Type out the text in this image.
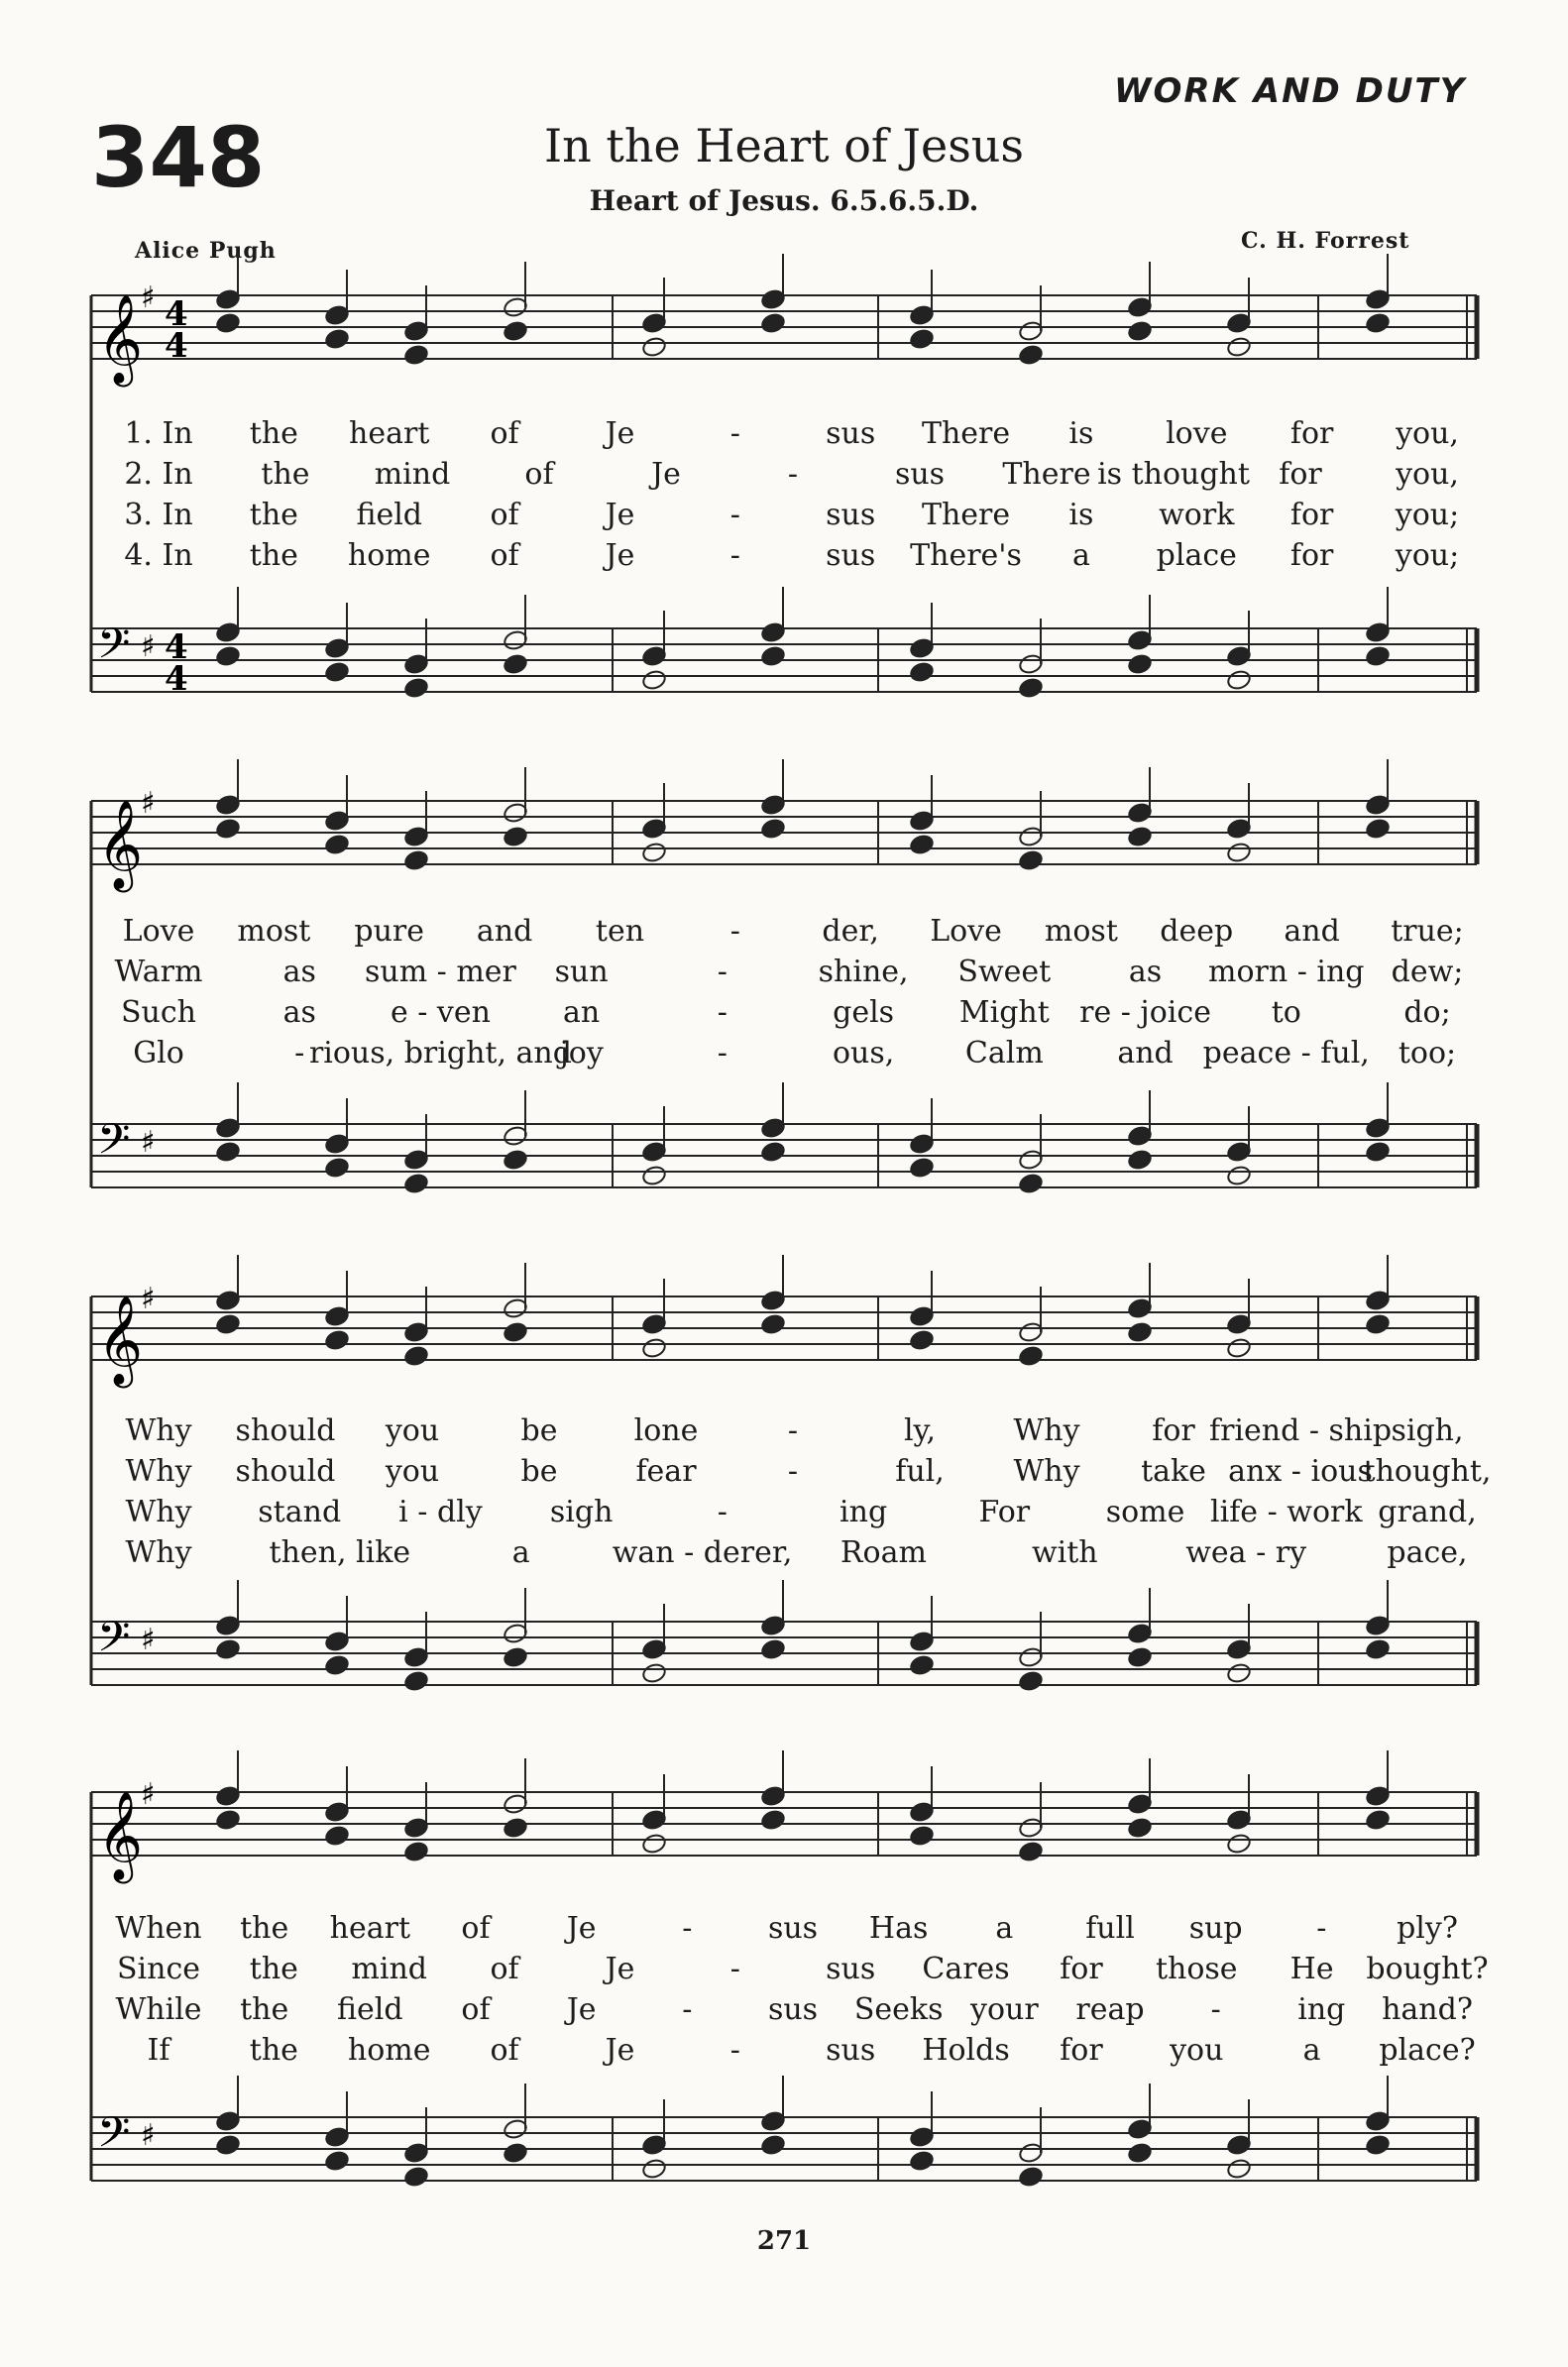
348
WORK AND DUTY
In the Heart of Jesus
Heart of Jesus. 6.5.6.5.D.
Alice Pugh	C. H. Forrest
𝄞
♯ 4
4
𝄢 ♯ 4
4
1. In the heart of	Je	-	sus There is love for you,
2. In the mind	of	Je	-	sus There is thought for you,
3. In the field of	Je	-	sus There is work for you;
4. In the home of	Je	-	sus There's a place for you;
𝄞
♯
𝄢 ♯
Love most pure and ten	-	der, Love most deep and true;
Warm	as sum - mer sun	-	shine, Sweet	as morn - ing dew;
Such	as	e - ven an	-	gels Might re - joice to	do;
Glo	- rious, bright, and
joy	-	ous, Calm and peace - ful, too;
𝄞
♯
𝄢 ♯
Why should you	be	lone	-	ly,	Why for friend - ship sigh,
Why should you	be	fear	-	ful, Why take anx - ious
thought,
Why stand i - dly sigh	-	ing	For	some life - work grand,
Why	then, like	a	wan - derer, Roam	with	wea - ry	pace,
𝄞
♯
𝄢 ♯
When the heart of	Je	-	sus Has a full sup - ply?
Since the mind of	Je	-	sus Cares for those He bought?
While the field of	Je	-	sus Seeks your reap -	ing hand?
If	the home of	Je	-	sus Holds for you	a place?
271
